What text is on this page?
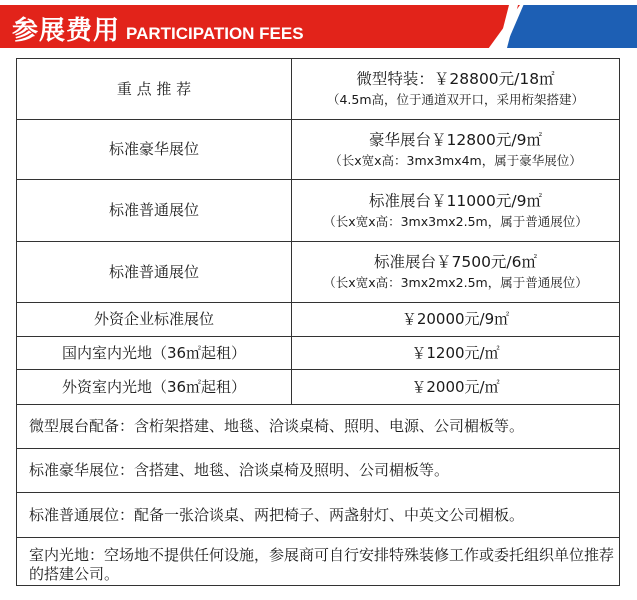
参展费用 PARTICIPATION FEES
重 点 推 荐	微型特装：￥28800元/18㎡
（4.5m高，位于通道双开口，采用桁架搭建）

标准豪华展位	豪华展台￥12800元/9㎡
（长x宽x高：3mx3mx4m，属于豪华展位）

标准普通展位	标准展台￥11000元/9㎡
（长x宽x高：3mx3mx2.5m，属于普通展位）

标准普通展位	标准展台￥7500元/6㎡
（长x宽x高：3mx2mx2.5m，属于普通展位）

外资企业标准展位	￥20000元/9㎡
国内室内光地（36㎡起租）	￥1200元/㎡
外资室内光地（36㎡起租）	￥2000元/㎡
微型展台配备：含桁架搭建、地毯、洽谈桌椅、照明、电源、公司楣板等。	
标准豪华展位：含搭建、地毯、洽谈桌椅及照明、公司楣板等。	
标准普通展位：配备一张洽谈桌、两把椅子、两盏射灯、中英文公司楣板。	
室内光地：空场地不提供任何设施，参展商可自行安排特殊装修工作或委托组织单位推荐的搭建公司。	
